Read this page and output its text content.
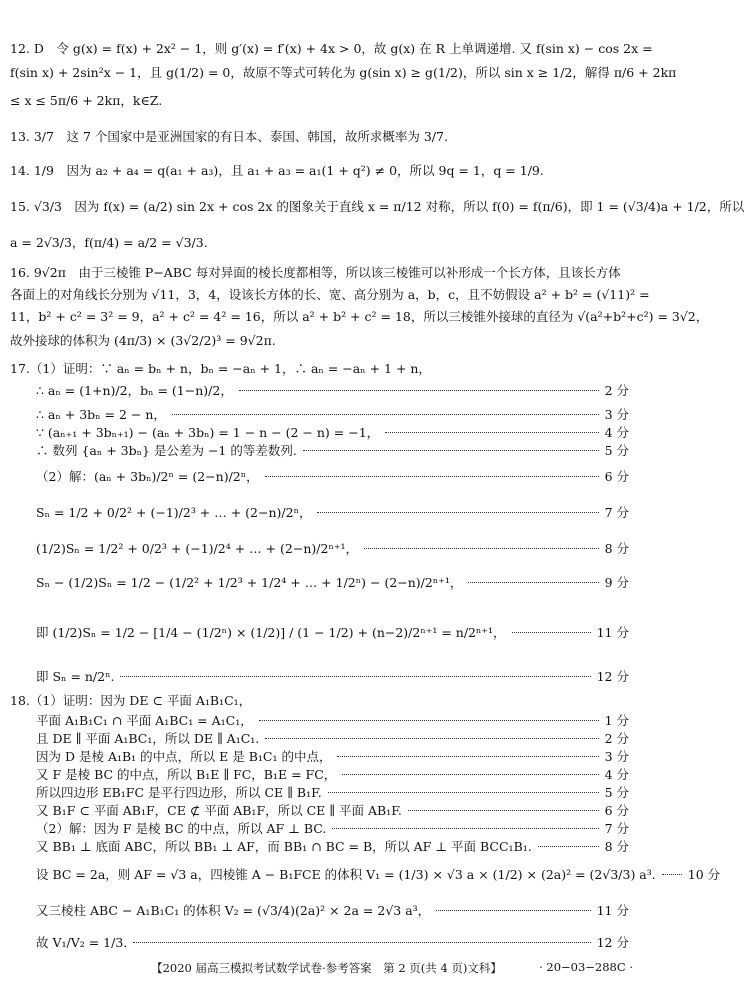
12. D　令 g(x) = f(x) + 2x² − 1，则 g′(x) = f′(x) + 4x > 0，故 g(x) 在 R 上单调递增. 又 f(sin x) − cos 2x =
f(sin x) + 2sin²x − 1，且 g(1/2) = 0，故原不等式可转化为 g(sin x) ≥ g(1/2)，所以 sin x ≥ 1/2，解得 π/6 + 2kπ
≤ x ≤ 5π/6 + 2kπ，k∈Z.
13. 3/7　这 7 个国家中是亚洲国家的有日本、泰国、韩国，故所求概率为 3/7.
14. 1/9　因为 a₂ + a₄ = q(a₁ + a₃)，且 a₁ + a₃ = a₁(1 + q²) ≠ 0，所以 9q = 1，q = 1/9.
15. √3/3　因为 f(x) = (a/2) sin 2x + cos 2x 的图象关于直线 x = π/12 对称，所以 f(0) = f(π/6)，即 1 = (√3/4)a + 1/2，所以
a = 2√3/3，f(π/4) = a/2 = √3/3.
16. 9√2π　由于三棱锥 P−ABC 每对异面的棱长度都相等，所以该三棱锥可以补形成一个长方体，且该长方体
各面上的对角线长分别为 √11，3，4，设该长方体的长、宽、高分别为 a，b，c，且不妨假设 a² + b² = (√11)² =
11，b² + c² = 3² = 9，a² + c² = 4² = 16，所以 a² + b² + c² = 18，所以三棱锥外接球的直径为 √(a²+b²+c²) = 3√2，
故外接球的体积为 (4π/3) × (3√2/2)³ = 9√2π.
17.（1）证明：∵ aₙ = bₙ + n，bₙ = −aₙ + 1，∴ aₙ = −aₙ + 1 + n，
∴ aₙ = (1+n)/2，bₙ = (1−n)/2，	2 分
∴ aₙ + 3bₙ = 2 − n，	3 分
∵ (aₙ₊₁ + 3bₙ₊₁) − (aₙ + 3bₙ) = 1 − n − (2 − n) = −1，	4 分
∴ 数列 {aₙ + 3bₙ} 是公差为 −1 的等差数列.	5 分
（2）解：(aₙ + 3bₙ)/2ⁿ = (2−n)/2ⁿ，	6 分
Sₙ = 1/2 + 0/2² + (−1)/2³ + … + (2−n)/2ⁿ，	7 分
(1/2)Sₙ = 1/2² + 0/2³ + (−1)/2⁴ + … + (2−n)/2ⁿ⁺¹，	8 分
Sₙ − (1/2)Sₙ = 1/2 − (1/2² + 1/2³ + 1/2⁴ + … + 1/2ⁿ) − (2−n)/2ⁿ⁺¹，	9 分
即 (1/2)Sₙ = 1/2 − [1/4 − (1/2ⁿ) × (1/2)] / (1 − 1/2) + (n−2)/2ⁿ⁺¹ = n/2ⁿ⁺¹，	11 分
即 Sₙ = n/2ⁿ.	12 分
18.（1）证明：因为 DE ⊂ 平面 A₁B₁C₁，
平面 A₁B₁C₁ ∩ 平面 A₁BC₁ = A₁C₁，	1 分
且 DE ∥ 平面 A₁BC₁，所以 DE ∥ A₁C₁.	2 分
因为 D 是棱 A₁B₁ 的中点，所以 E 是 B₁C₁ 的中点，	3 分
又 F 是棱 BC 的中点，所以 B₁E ∥ FC，B₁E = FC，	4 分
所以四边形 EB₁FC 是平行四边形，所以 CE ∥ B₁F.	5 分
又 B₁F ⊂ 平面 AB₁F，CE ⊄ 平面 AB₁F，所以 CE ∥ 平面 AB₁F.	6 分
（2）解：因为 F 是棱 BC 的中点，所以 AF ⊥ BC.	7 分
又 BB₁ ⊥ 底面 ABC，所以 BB₁ ⊥ AF，而 BB₁ ∩ BC = B，所以 AF ⊥ 平面 BCC₁B₁.	8 分
设 BC = 2a，则 AF = √3 a，四棱锥 A − B₁FCE 的体积 V₁ = (1/3) × √3 a × (1/2) × (2a)² = (2√3/3) a³.	10 分
又三棱柱 ABC − A₁B₁C₁ 的体积 V₂ = (√3/4)(2a)² × 2a = 2√3 a³，	11 分
故 V₁/V₂ = 1/3.	12 分
【2020 届高三模拟考试数学试卷·参考答案　第 2 页(共 4 页)文科】	· 20−03−288C ·
